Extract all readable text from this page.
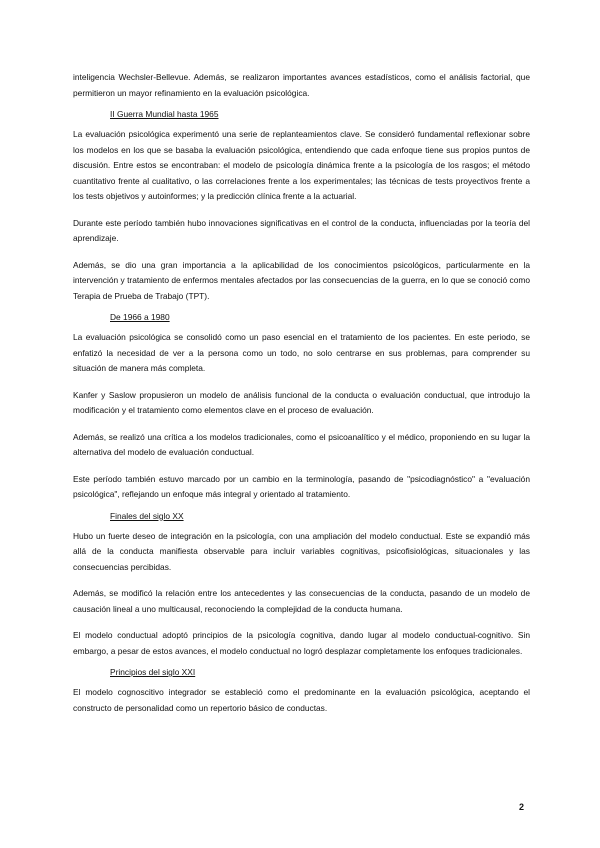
inteligencia Wechsler-Bellevue. Además, se realizaron importantes avances estadísticos, como el análisis factorial, que permitieron un mayor refinamiento en la evaluación psicológica.

II Guerra Mundial hasta 1965

La evaluación psicológica experimentó una serie de replanteamientos clave. Se consideró fundamental reflexionar sobre los modelos en los que se basaba la evaluación psicológica, entendiendo que cada enfoque tiene sus propios puntos de discusión. Entre estos se encontraban: el modelo de psicología dinámica frente a la psicología de los rasgos; el método cuantitativo frente al cualitativo, o las correlaciones frente a los experimentales; las técnicas de tests proyectivos frente a los tests objetivos y autoinformes; y la predicción clínica frente a la actuarial.

Durante este período también hubo innovaciones significativas en el control de la conducta, influenciadas por la teoría del aprendizaje.

Además, se dio una gran importancia a la aplicabilidad de los conocimientos psicológicos, particularmente en la intervención y tratamiento de enfermos mentales afectados por las consecuencias de la guerra, en lo que se conoció como Terapia de Prueba de Trabajo (TPT).

De 1966 a 1980

La evaluación psicológica se consolidó como un paso esencial en el tratamiento de los pacientes. En este periodo, se enfatizó la necesidad de ver a la persona como un todo, no solo centrarse en sus problemas, para comprender su situación de manera más completa.

Kanfer y Saslow propusieron un modelo de análisis funcional de la conducta o evaluación conductual, que introdujo la modificación y el tratamiento como elementos clave en el proceso de evaluación.

Además, se realizó una crítica a los modelos tradicionales, como el psicoanalítico y el médico, proponiendo en su lugar la alternativa del modelo de evaluación conductual.

Este período también estuvo marcado por un cambio en la terminología, pasando de "psicodiagnóstico" a "evaluación psicológica", reflejando un enfoque más integral y orientado al tratamiento.

Finales del siglo XX

Hubo un fuerte deseo de integración en la psicología, con una ampliación del modelo conductual. Este se expandió más allá de la conducta manifiesta observable para incluir variables cognitivas, psicofisiológicas, situacionales y las consecuencias percibidas.

Además, se modificó la relación entre los antecedentes y las consecuencias de la conducta, pasando de un modelo de causación lineal a uno multicausal, reconociendo la complejidad de la conducta humana.

El modelo conductual adoptó principios de la psicología cognitiva, dando lugar al modelo conductual-cognitivo. Sin embargo, a pesar de estos avances, el modelo conductual no logró desplazar completamente los enfoques tradicionales.

Principios del siglo XXI

El modelo cognoscitivo integrador se estableció como el predominante en la evaluación psicológica, aceptando el constructo de personalidad como un repertorio básico de conductas.

2
